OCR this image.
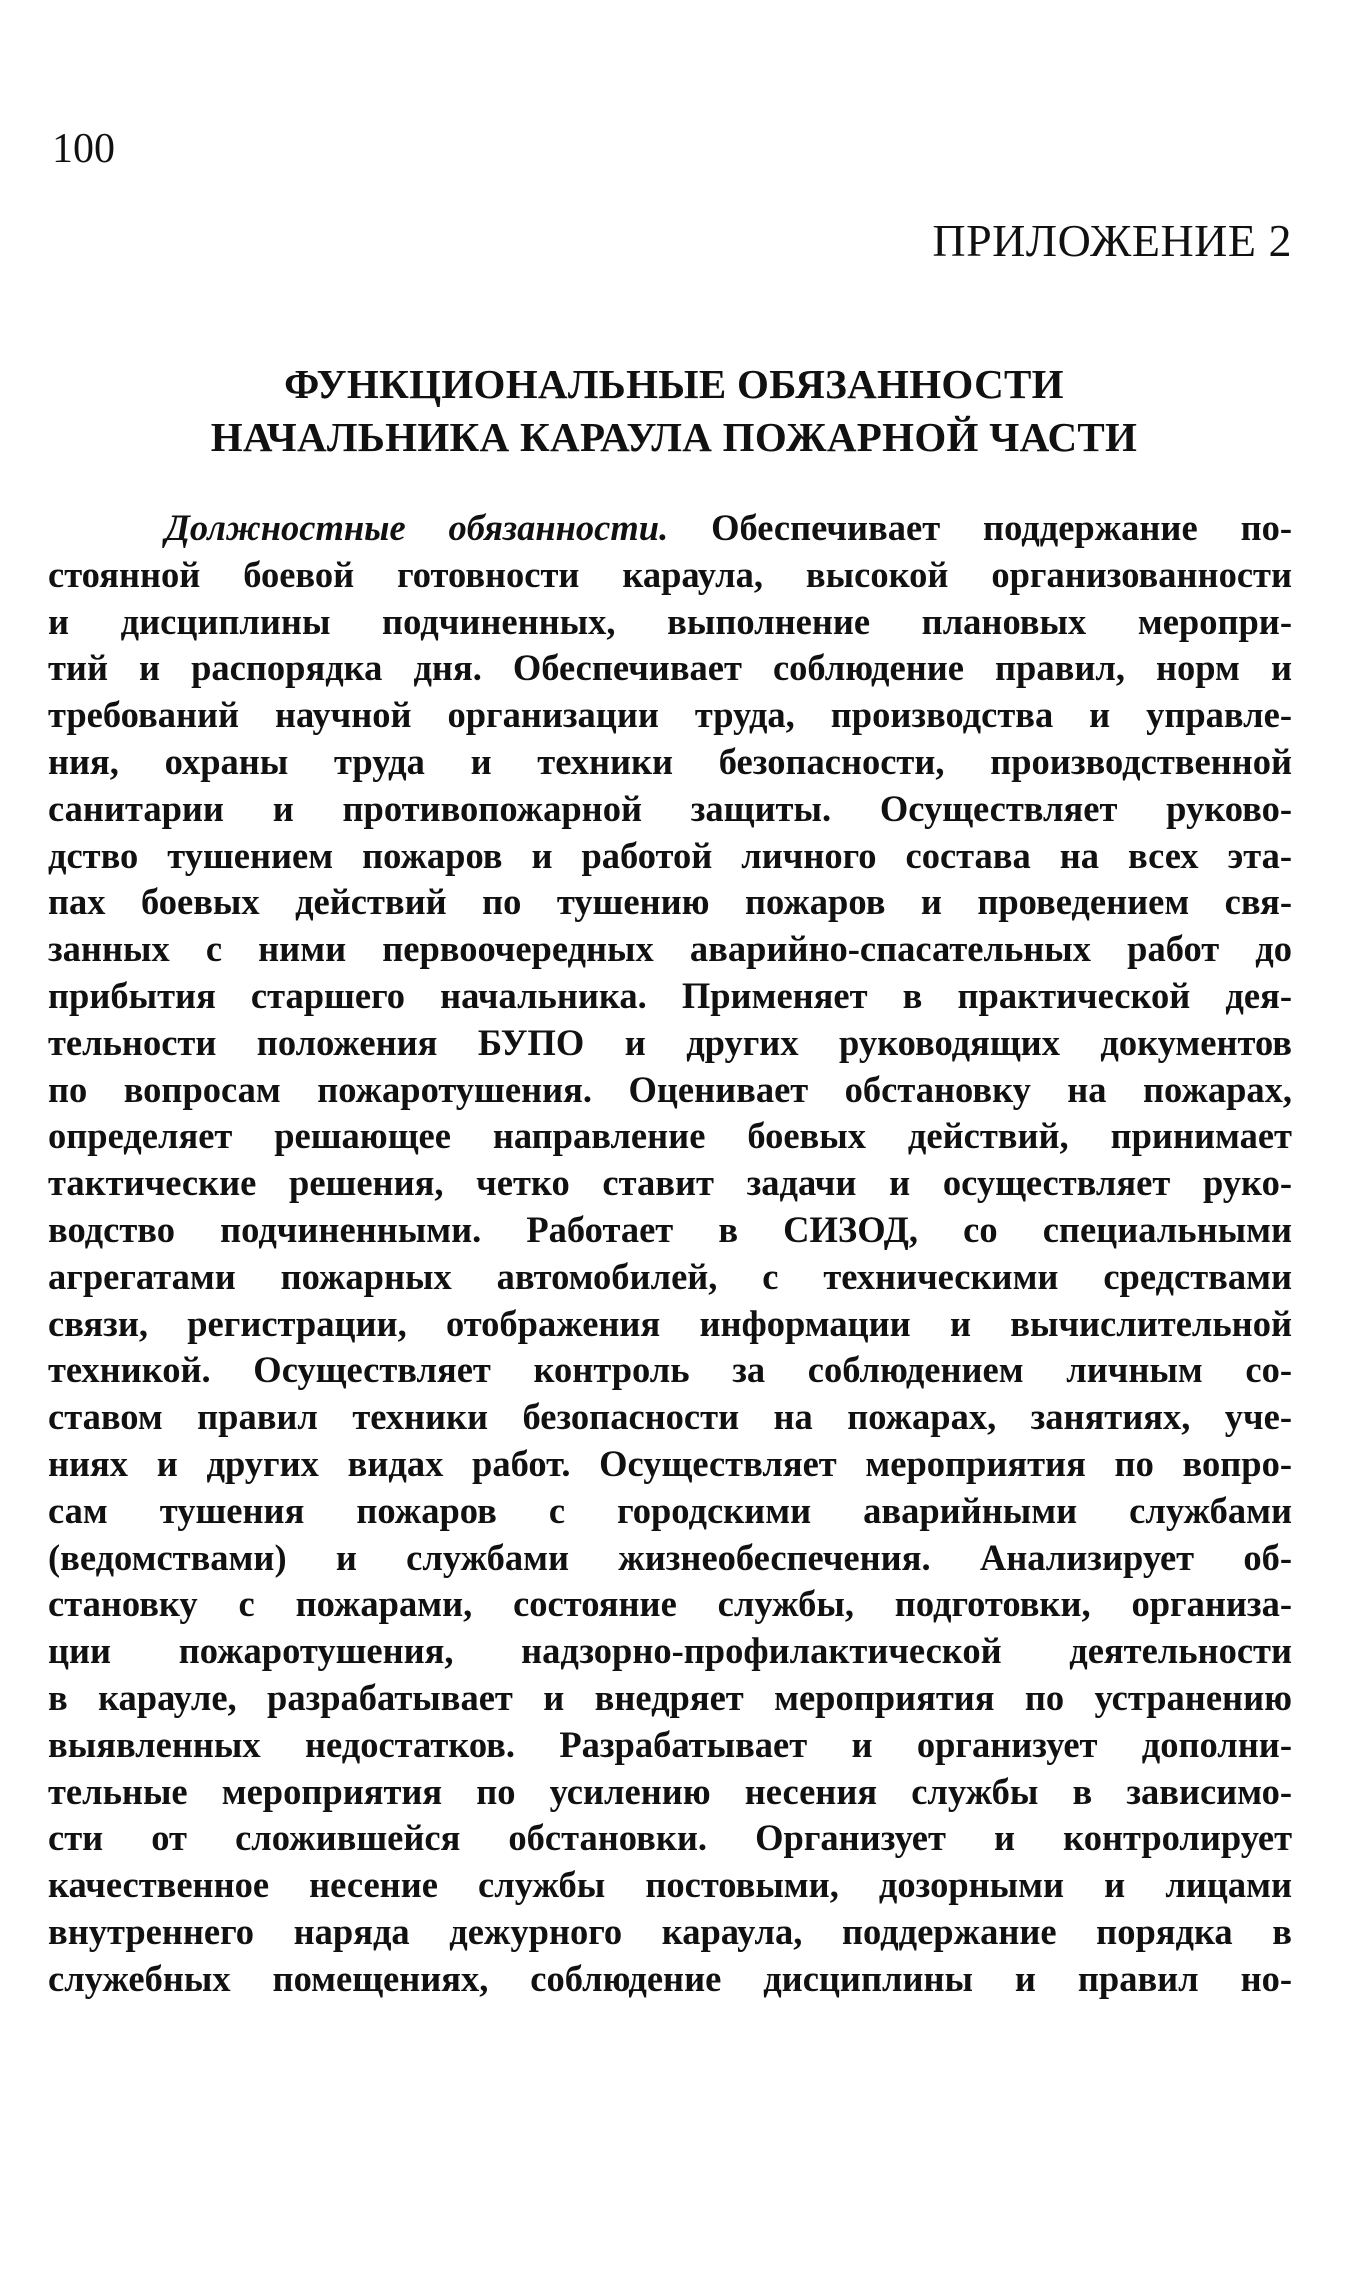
100
ПРИЛОЖЕНИЕ 2
ФУНКЦИОНАЛЬНЫЕ ОБЯЗАННОСТИ
НАЧАЛЬНИКА КАРАУЛА ПОЖАРНОЙ ЧАСТИ
Должностные обязанности. Обеспечивает поддержание по-
стоянной боевой готовности караула, высокой организованности
и дисциплины подчиненных, выполнение плановых меропри-
тий и распорядка дня. Обеспечивает соблюдение правил, норм и
требований научной организации труда, производства и управле-
ния, охраны труда и техники безопасности, производственной
санитарии и противопожарной защиты. Осуществляет руково-
дство тушением пожаров и работой личного состава на всех эта-
пах боевых действий по тушению пожаров и проведением свя-
занных с ними первоочередных аварийно-спасательных работ до
прибытия старшего начальника. Применяет в практической дея-
тельности положения БУПО и других руководящих документов
по вопросам пожаротушения. Оценивает обстановку на пожарах,
определяет решающее направление боевых действий, принимает
тактические решения, четко ставит задачи и осуществляет руко-
водство подчиненными. Работает в СИЗОД, со специальными
агрегатами пожарных автомобилей, с техническими средствами
связи, регистрации, отображения информации и вычислительной
техникой. Осуществляет контроль за соблюдением личным со-
ставом правил техники безопасности на пожарах, занятиях, уче-
ниях и других видах работ. Осуществляет мероприятия по вопро-
сам тушения пожаров с городскими аварийными службами
(ведомствами) и службами жизнеобеспечения. Анализирует об-
становку с пожарами, состояние службы, подготовки, организа-
ции пожаротушения, надзорно-профилактической деятельности
в карауле, разрабатывает и внедряет мероприятия по устранению
выявленных недостатков. Разрабатывает и организует дополни-
тельные мероприятия по усилению несения службы в зависимо-
сти от сложившейся обстановки. Организует и контролирует
качественное несение службы постовыми, дозорными и лицами
внутреннего наряда дежурного караула, поддержание порядка в
служебных помещениях, соблюдение дисциплины и правил но-
